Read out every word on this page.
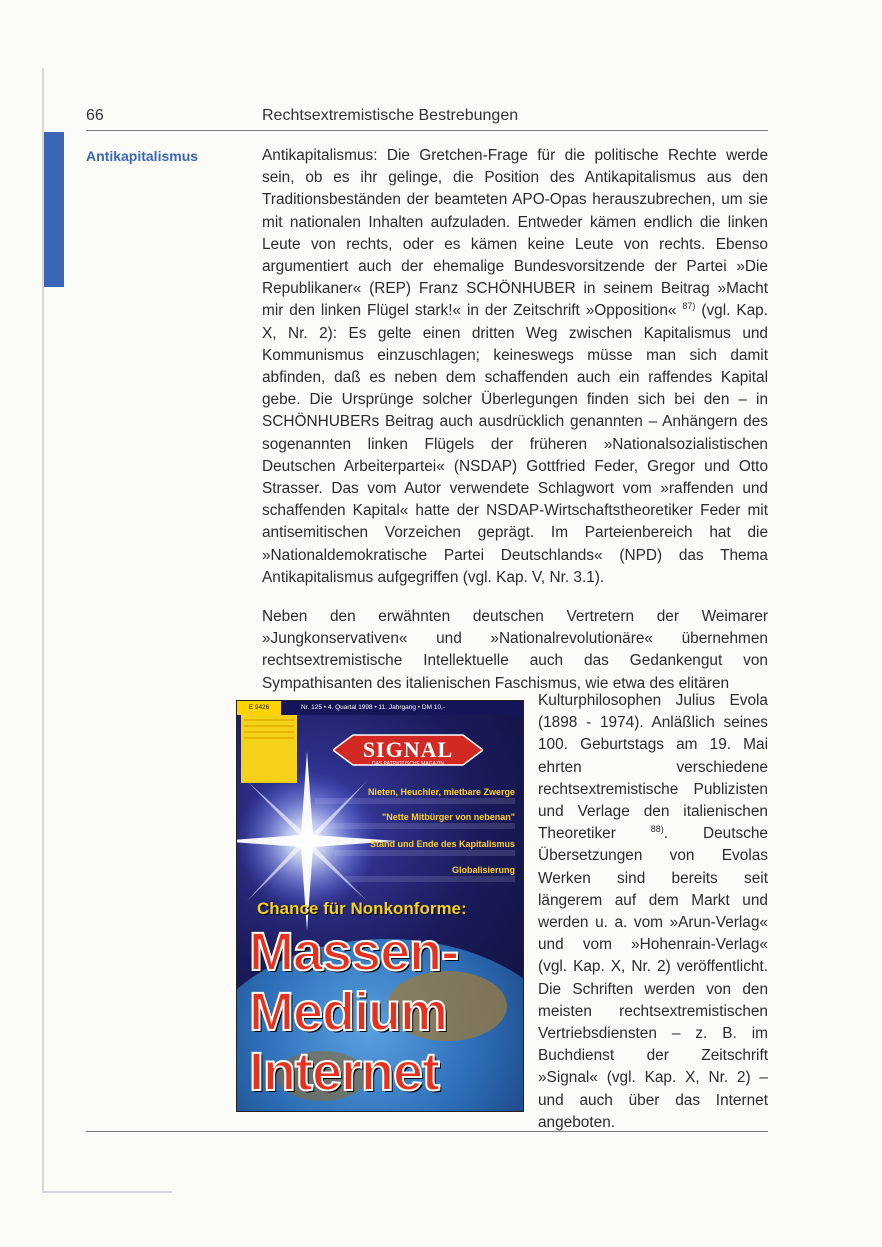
66	Rechtsextremistische Bestrebungen
Antikapitalismus	Antikapitalismus: Die Gretchen-Frage für die politische Rechte werde sein, ob es ihr gelinge, die Position des Antikapitalismus aus den Traditionsbeständen der beamteten APO-Opas herauszubrechen, um sie mit nationalen Inhalten aufzuladen. Entweder kämen endlich die linken Leute von rechts, oder es kämen keine Leute von rechts. Ebenso argumentiert auch der ehemalige Bundesvorsitzende der Partei »Die Republikaner« (REP) Franz SCHÖNHUBER in seinem Beitrag »Macht mir den linken Flügel stark!« in der Zeitschrift »Opposition« $^{87)}$ (vgl. Kap. X, Nr. 2): Es gelte einen dritten Weg zwischen Kapitalismus und Kommunismus einzuschlagen; keineswegs müsse man sich damit abfinden, daß es neben dem schaffenden auch ein raffendes Kapital gebe. Die Ursprünge solcher Überlegungen finden sich bei den – in SCHÖNHUBERs Beitrag auch ausdrücklich genannten – Anhängern des sogenannten linken Flügels der früheren »Nationalsozialistischen Deutschen Arbeiterpartei« (NSDAP) Gottfried Feder, Gregor und Otto Strasser. Das vom Autor verwendete Schlagwort vom »raffenden und schaffenden Kapital« hatte der NSDAP-Wirtschaftstheoretiker Feder mit antisemitischen Vorzeichen geprägt. Im Parteienbereich hat die »Nationaldemokratische Partei Deutschlands« (NPD) das Thema Antikapitalismus aufgegriffen (vgl. Kap. V, Nr. 3.1).

Neben den erwähnten deutschen Vertretern der Weimarer »Jungkonservativen« und »Nationalrevolutionäre« übernehmen rechtsextremistische Intellektuelle auch das Gedankengut von Sympathisanten des italienischen Faschismus, wie etwa des elitären

Kulturphilosophen Julius Evola (1898 - 1974). Anläßlich seines 100. Geburtstags am 19. Mai ehrten verschiedene rechtsextremistische Publizisten und Verlage den italienischen Theoretiker	$^{88)}$. Deutsche Übersetzungen von Evolas Werken sind bereits seit längerem auf dem Markt und werden u. a. vom »Arun-Verlag« und vom »Hohenrain-Verlag« (vgl. Kap. X, Nr. 2) veröffentlicht. Die Schriften werden von den meisten rechtsextremistischen Vertriebsdiensten – z. B. im Buchdienst der Zeitschrift »Signal« (vgl. Kap. X, Nr. 2) – und auch über das Internet angeboten.
E 9426	Nr. 125 • 4. Quartal 1998 • 11. Jahrgang • DM 10,-
SIGNAL
DAS PATRIOTISCHE MAGAZIN
Nieten, Heuchler, mietbare Zwerge
"Nette Mitbürger von nebenan"
Stand und Ende des Kapitalismus
Globalisierung
Chance für Nonkonforme:
Massen-
Medium
Internet
